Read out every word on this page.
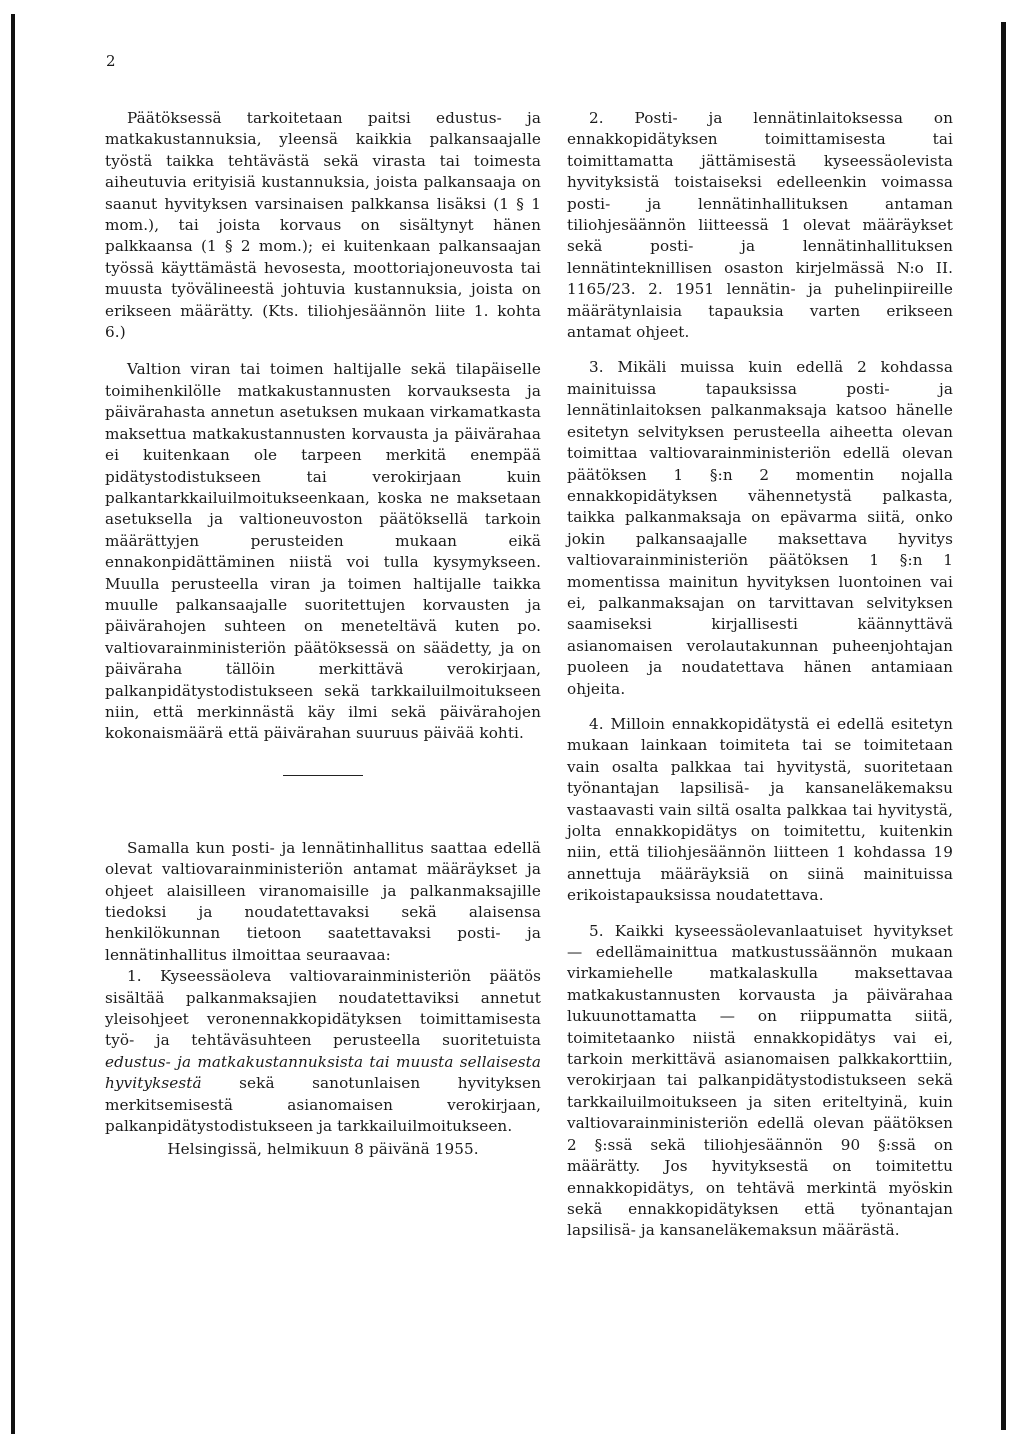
2

Päätöksessä tarkoitetaan paitsi edustus- ja matkakustannuksia, yleensä kaikkia palkansaajalle työstä taikka tehtävästä sekä virasta tai toimesta aiheutuvia erityisiä kustannuksia, joista palkansaaja on saanut hyvityksen varsinaisen palkkansa lisäksi (1 § 1 mom.), tai joista korvaus on sisältynyt hänen palkkaansa (1 § 2 mom.); ei kuitenkaan palkansaajan työssä käyttämästä hevosesta, moottoriajoneuvosta tai muusta työvälineestä johtuvia kustannuksia, joista on erikseen määrätty. (Kts. tiliohjesäännön liite 1. kohta 6.)

Valtion viran tai toimen haltijalle sekä tilapäiselle toimihenkilölle matkakustannusten korvauksesta ja päivärahasta annetun asetuksen mukaan virkamatkasta maksettua matkakustannusten korvausta ja päivärahaa ei kuitenkaan ole tarpeen merkitä enempää pidätystodistukseen tai verokirjaan kuin palkantarkkailuilmoitukseenkaan, koska ne maksetaan asetuksella ja valtioneuvoston päätöksellä tarkoin määrättyjen perusteiden mukaan eikä ennakonpidättäminen niistä voi tulla kysymykseen. Muulla perusteella viran ja toimen haltijalle taikka muulle palkansaajalle suoritettujen korvausten ja päivärahojen suhteen on meneteltävä kuten po. valtiovarainministeriön päätöksessä on säädetty, ja on päiväraha tällöin merkittävä verokirjaan, palkanpidätystodistukseen sekä tarkkailuilmoitukseen niin, että merkinnästä käy ilmi sekä päivärahojen kokonaismäärä että päivärahan suuruus päivää kohti.

Samalla kun posti- ja lennätinhallitus saattaa edellä olevat valtiovarainministeriön antamat määräykset ja ohjeet alaisilleen viranomaisille ja palkanmaksajille tiedoksi ja noudatettavaksi sekä alaisensa henkilökunnan tietoon saatettavaksi posti- ja lennätinhallitus ilmoittaa seuraavaa:

1. Kyseessäoleva valtiovarainministeriön päätös sisältää palkanmaksajien noudatettaviksi annetut yleisohjeet veronennakkopidätyksen toimittamisesta työ- ja tehtäväsuhteen perusteella suoritetuista edustus- ja matkakustannuksista tai muusta sellaisesta hyvityksestä sekä sanotunlaisen hyvityksen merkitsemisestä asianomaisen verokirjaan, palkanpidätystodistukseen ja tarkkailuilmoitukseen.

Helsingissä, helmikuun 8 päivänä 1955.

2. Posti- ja lennätinlaitoksessa on ennakkopidätyksen toimittamisesta tai toimittamatta jättämisestä kyseessäolevista hyvityksistä toistaiseksi edelleenkin voimassa posti- ja lennätinhallituksen antaman tiliohjesäännön liitteessä 1 olevat määräykset sekä posti- ja lennätinhallituksen lennätinteknillisen osaston kirjelmässä N:o II. 1165/23. 2. 1951 lennätin- ja puhelinpiireille määrätynlaisia tapauksia varten erikseen antamat ohjeet.

3. Mikäli muissa kuin edellä 2 kohdassa mainituissa tapauksissa posti- ja lennätinlaitoksen palkanmaksaja katsoo hänelle esitetyn selvityksen perusteella aiheetta olevan toimittaa valtiovarainministeriön edellä olevan päätöksen 1 §:n 2 momentin nojalla ennakkopidätyksen vähennetystä palkasta, taikka palkanmaksaja on epävarma siitä, onko jokin palkansaajalle maksettava hyvitys valtiovarainministeriön päätöksen 1 §:n 1 momentissa mainitun hyvityksen luontoinen vai ei, palkanmaksajan on tarvittavan selvityksen saamiseksi kirjallisesti käännyttävä asianomaisen verolautakunnan puheenjohtajan puoleen ja noudatettava hänen antamiaan ohjeita.

4. Milloin ennakkopidätystä ei edellä esitetyn mukaan lainkaan toimiteta tai se toimitetaan vain osalta palkkaa tai hyvitystä, suoritetaan työnantajan lapsilisä- ja kansaneläkemaksu vastaavasti vain siltä osalta palkkaa tai hyvitystä, jolta ennakkopidätys on toimitettu, kuitenkin niin, että tiliohjesäännön liitteen 1 kohdassa 19 annettuja määräyksiä on siinä mainituissa erikoistapauksissa noudatettava.

5. Kaikki kyseessäolevanlaatuiset hyvitykset — edellämainittua matkustussäännön mukaan virkamiehelle matkalaskulla maksettavaa matkakustannusten korvausta ja päivärahaa lukuunottamatta — on riippumatta siitä, toimitetaanko niistä ennakkopidätys vai ei, tarkoin merkittävä asianomaisen palkkakorttiin, verokirjaan tai palkanpidätystodistukseen sekä tarkkailuilmoitukseen ja siten eriteltyinä, kuin valtiovarainministeriön edellä olevan päätöksen 2 §:ssä sekä tiliohjesäännön 90 §:ssä on määrätty. Jos hyvityksestä on toimitettu ennakkopidätys, on tehtävä merkintä myöskin sekä ennakkopidätyksen että työnantajan lapsilisä- ja kansaneläkemaksun määrästä.
